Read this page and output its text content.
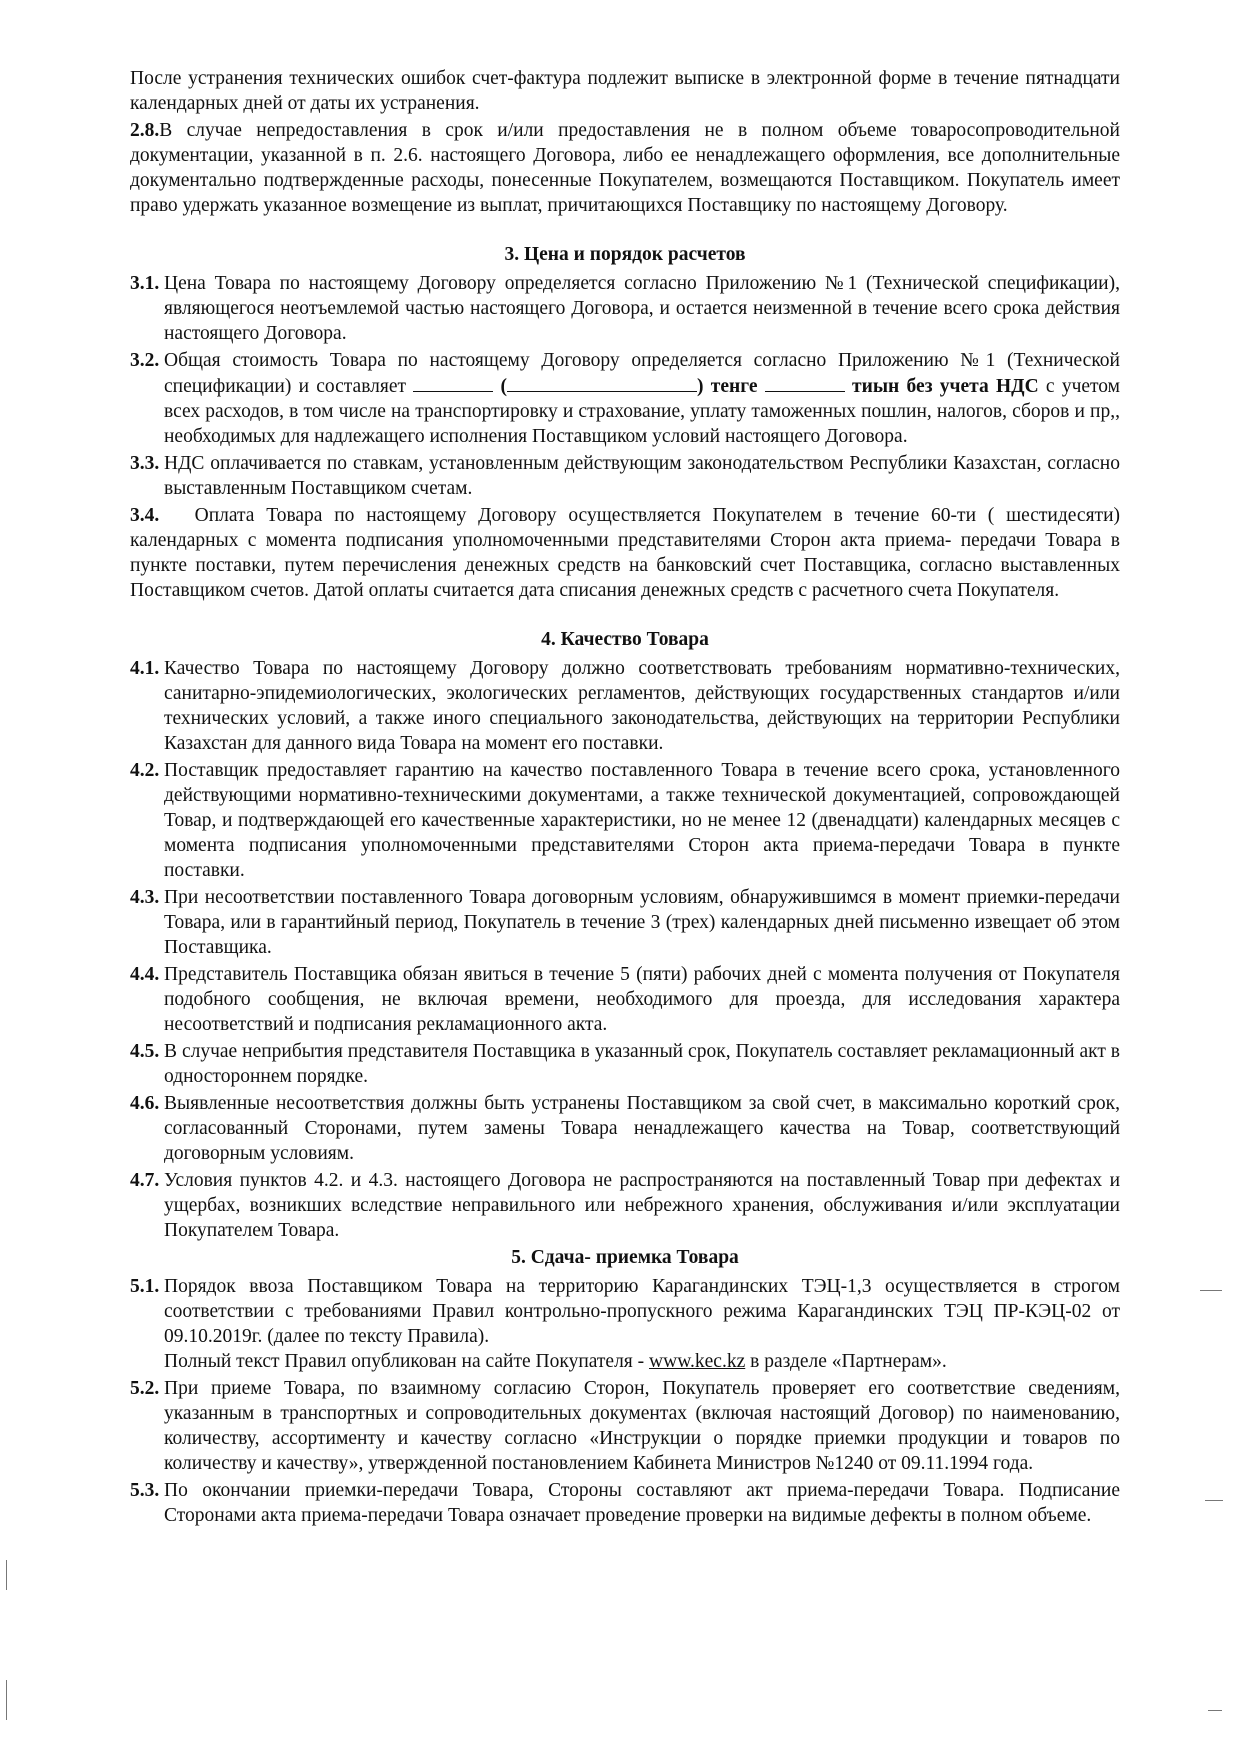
После устранения технических ошибок счет-фактура подлежит выписке в электронной форме в течение пятнадцати календарных дней от даты их устранения.

2.8.В случае непредоставления в срок и/или предоставления не в полном объеме товаросопроводительной документации, указанной в п. 2.6. настоящего Договора, либо ее ненадлежащего оформления, все дополнительные документально подтвержденные расходы, понесенные Покупателем, возмещаются Поставщиком. Покупатель имеет право удержать указанное возмещение из выплат, причитающихся Поставщику по настоящему Договору.

3. Цена и порядок расчетов
3.1. Цена Товара по настоящему Договору определяется согласно Приложению №1 (Технической спецификации), являющегося неотъемлемой частью настоящего Договора, и остается неизменной в течение всего срока действия настоящего Договора.
3.2. Общая стоимость Товара по настоящему Договору определяется согласно Приложению №1 (Технической спецификации) и составляет	(	) тенге	тиын без учета НДС с учетом всех расходов, в том числе на транспортировку и страхование, уплату таможенных пошлин, налогов, сборов и пр,, необходимых для надлежащего исполнения Поставщиком условий настоящего Договора.
3.3. НДС оплачивается по ставкам, установленным действующим законодательством Республики Казахстан, согласно выставленным Поставщиком счетам.

3.4. Оплата Товара по настоящему Договору осуществляется Покупателем в течение 60-ти ( шестидесяти) календарных с момента подписания уполномоченными представителями Сторон акта приема- передачи Товара в пункте поставки, путем перечисления денежных средств на банковский счет Поставщика, согласно выставленных Поставщиком счетов. Датой оплаты считается дата списания денежных средств с расчетного счета Покупателя.

4. Качество Товара
4.1. Качество Товара по настоящему Договору должно соответствовать требованиям нормативно-технических, санитарно-эпидемиологических, экологических регламентов, действующих государственных стандартов и/или технических условий, а также иного специального законодательства, действующих на территории Республики Казахстан для данного вида Товара на момент его поставки.
4.2. Поставщик предоставляет гарантию на качество поставленного Товара в течение всего срока, установленного действующими нормативно-техническими документами, а также технической документацией, сопровождающей Товар, и подтверждающей его качественные характеристики, но не менее 12 (двенадцати) календарных месяцев с момента подписания уполномоченными представителями Сторон акта приема-передачи Товара в пункте поставки.
4.3. При несоответствии поставленного Товара договорным условиям, обнаружившимся в момент приемки-передачи Товара, или в гарантийный период, Покупатель в течение 3 (трех) календарных дней письменно извещает об этом Поставщика.
4.4. Представитель Поставщика обязан явиться в течение 5 (пяти) рабочих дней с момента получения от Покупателя подобного сообщения, не включая времени, необходимого для проезда, для исследования характера несоответствий и подписания рекламационного акта.
4.5. В случае неприбытия представителя Поставщика в указанный срок, Покупатель составляет рекламационный акт в одностороннем порядке.
4.6. Выявленные несоответствия должны быть устранены Поставщиком за свой счет, в максимально короткий срок, согласованный Сторонами, путем замены Товара ненадлежащего качества на Товар, соответствующий договорным условиям.
4.7. Условия пунктов 4.2. и 4.3. настоящего Договора не распространяются на поставленный Товар при дефектах и ущербах, возникших вследствие неправильного или небрежного хранения, обслуживания и/или эксплуатации Покупателем Товара.
5. Сдача- приемка Товара
5.1. Порядок ввоза Поставщиком Товара на территорию Карагандинских ТЭЦ-1,3 осуществляется в строгом соответствии с требованиями Правил контрольно-пропускного режима Карагандинских ТЭЦ ПР-КЭЦ-02 от 09.10.2019г. (далее по тексту Правила).
Полный текст Правил опубликован на сайте Покупателя - www.kec.kz в разделе «Партнерам».
5.2. При приеме Товара, по взаимному согласию Сторон, Покупатель проверяет его соответствие сведениям, указанным в транспортных и сопроводительных документах (включая настоящий Договор) по наименованию, количеству, ассортименту и качеству согласно «Инструкции о порядке приемки продукции и товаров по количеству и качеству», утвержденной постановлением Кабинета Министров №1240 от 09.11.1994 года.
5.3. По окончании приемки-передачи Товара, Стороны составляют акт приема-передачи Товара. Подписание Сторонами акта приема-передачи Товара означает проведение проверки на видимые дефекты в полном объеме.
